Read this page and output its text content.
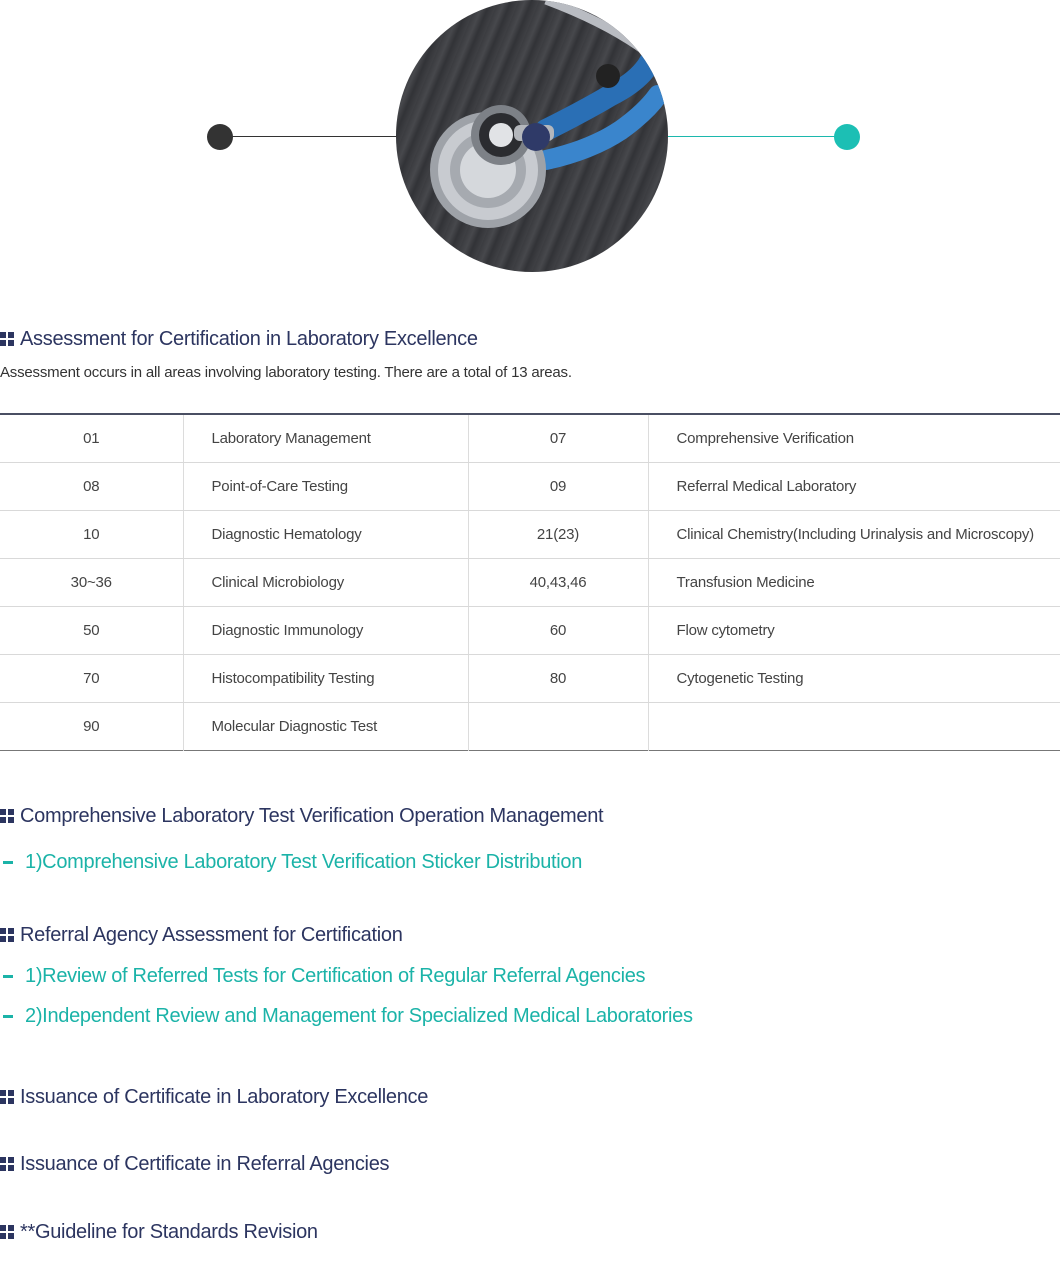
Assessment for Certification in Laboratory Excellence
Assessment occurs in all areas involving laboratory testing. There are a total of 13 areas.
01	Laboratory Management	07	Comprehensive Verification
08	Point-of-Care Testing	09	Referral Medical Laboratory
10	Diagnostic Hematology	21(23)	Clinical Chemistry(Including Urinalysis and Microscopy)
30~36	Clinical Microbiology	40,43,46	Transfusion Medicine
50	Diagnostic Immunology	60	Flow cytometry
70	Histocompatibility Testing	80	Cytogenetic Testing
90	Molecular Diagnostic Test		
Comprehensive Laboratory Test Verification Operation Management
1)Comprehensive Laboratory Test Verification Sticker Distribution
Referral Agency Assessment for Certification
1)Review of Referred Tests for Certification of Regular Referral Agencies
2)Independent Review and Management for Specialized Medical Laboratories
Issuance of Certificate in Laboratory Excellence
Issuance of Certificate in Referral Agencies
**Guideline for Standards Revision
